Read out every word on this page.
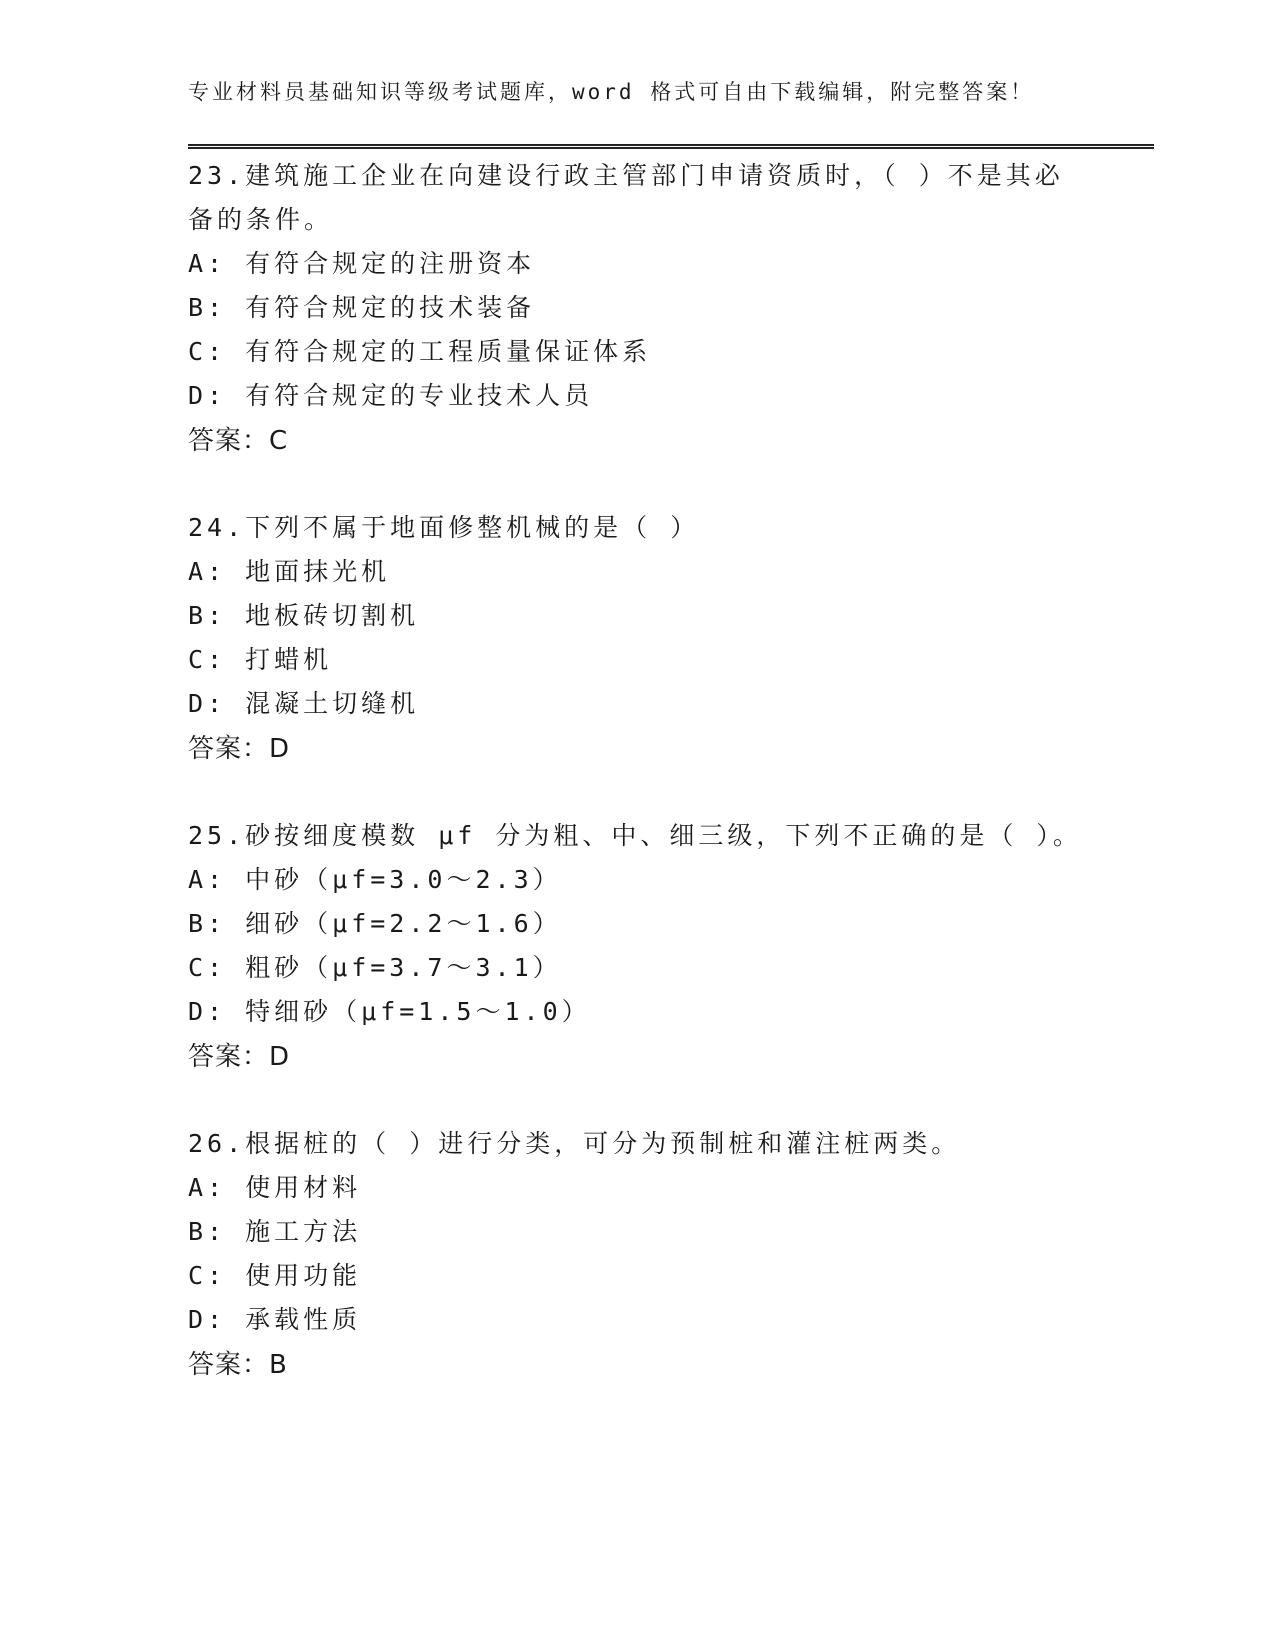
专业材料员基础知识等级考试题库，word 格式可自由下载编辑，附完整答案！
23.建筑施工企业在向建设行政主管部门申请资质时，（ ）不是其必
备的条件。
A: 有符合规定的注册资本
B: 有符合规定的技术装备
C: 有符合规定的工程质量保证体系
D: 有符合规定的专业技术人员
答案：C
24.下列不属于地面修整机械的是（ ）
A: 地面抹光机
B: 地板砖切割机
C: 打蜡机
D: 混凝土切缝机
答案：D
25.砂按细度模数 μf 分为粗、中、细三级，下列不正确的是（ ）。
A: 中砂（μf=3.0～2.3）
B: 细砂（μf=2.2～1.6）
C: 粗砂（μf=3.7～3.1）
D: 特细砂（μf=1.5～1.0）
答案：D
26.根据桩的（ ）进行分类，可分为预制桩和灌注桩两类。
A: 使用材料
B: 施工方法
C: 使用功能
D: 承载性质
答案：B
